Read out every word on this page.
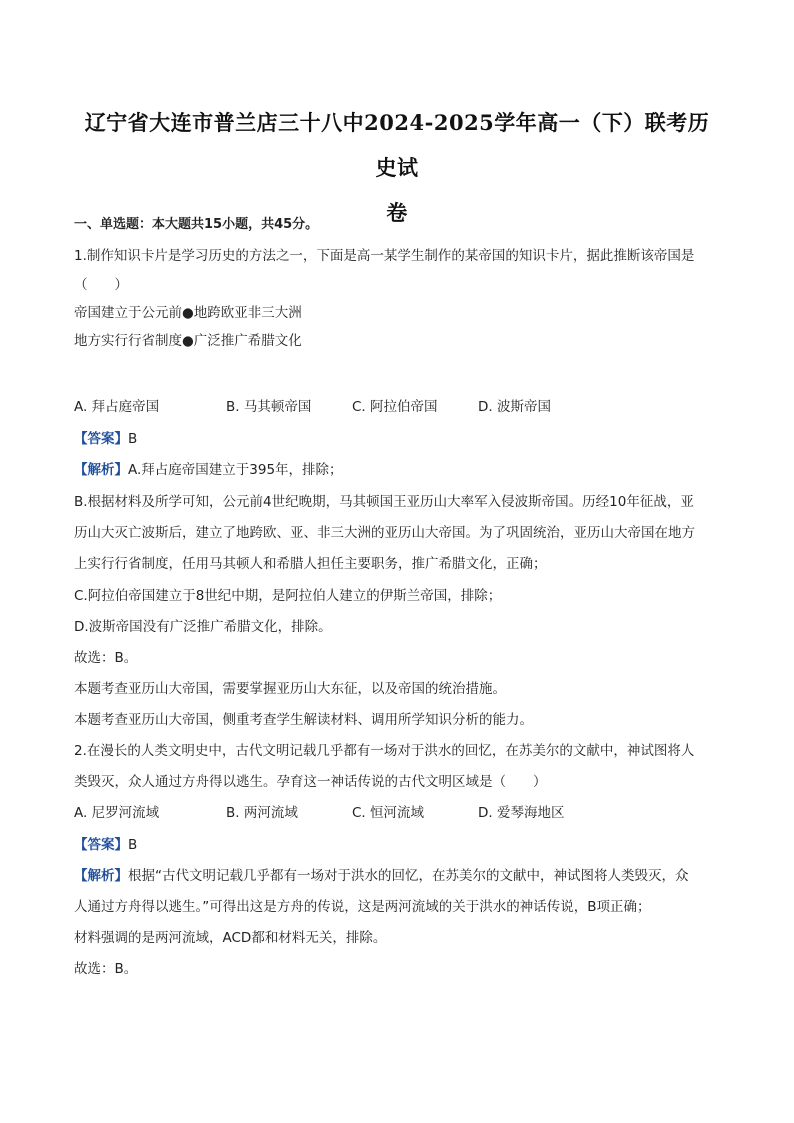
辽宁省大连市普兰店三十八中2024-2025学年高一（下）联考历史试
卷
一、单选题：本大题共15小题，共45分。
1.制作知识卡片是学习历史的方法之一，下面是高一某学生制作的某帝国的知识卡片，据此推断该帝国是
（　　）
帝国建立于公元前●地跨欧亚非三大洲
地方实行行省制度●广泛推广希腊文化
A. 拜占庭帝国	B. 马其顿帝国	C. 阿拉伯帝国	D. 波斯帝国
【答案】B
【解析】A.拜占庭帝国建立于395年，排除；
B.根据材料及所学可知，公元前4世纪晚期，马其顿国王亚历山大率军入侵波斯帝国。历经10年征战，亚
历山大灭亡波斯后，建立了地跨欧、亚、非三大洲的亚历山大帝国。为了巩固统治，亚历山大帝国在地方
上实行行省制度，任用马其顿人和希腊人担任主要职务，推广希腊文化，正确；
C.阿拉伯帝国建立于8世纪中期，是阿拉伯人建立的伊斯兰帝国，排除；
D.波斯帝国没有广泛推广希腊文化，排除。
故选：B。
本题考查亚历山大帝国，需要掌握亚历山大东征，以及帝国的统治措施。
本题考查亚历山大帝国，侧重考查学生解读材料、调用所学知识分析的能力。
2.在漫长的人类文明史中，古代文明记载几乎都有一场对于洪水的回忆，在苏美尔的文献中，神试图将人
类毁灭，众人通过方舟得以逃生。孕育这一神话传说的古代文明区域是（　　）
A. 尼罗河流域	B. 两河流域	C. 恒河流域	D. 爱琴海地区
【答案】B
【解析】根据“古代文明记载几乎都有一场对于洪水的回忆，在苏美尔的文献中，神试图将人类毁灭，众
人通过方舟得以逃生。”可得出这是方舟的传说，这是两河流域的关于洪水的神话传说，B项正确；
材料强调的是两河流域，ACD都和材料无关，排除。
故选：B。
